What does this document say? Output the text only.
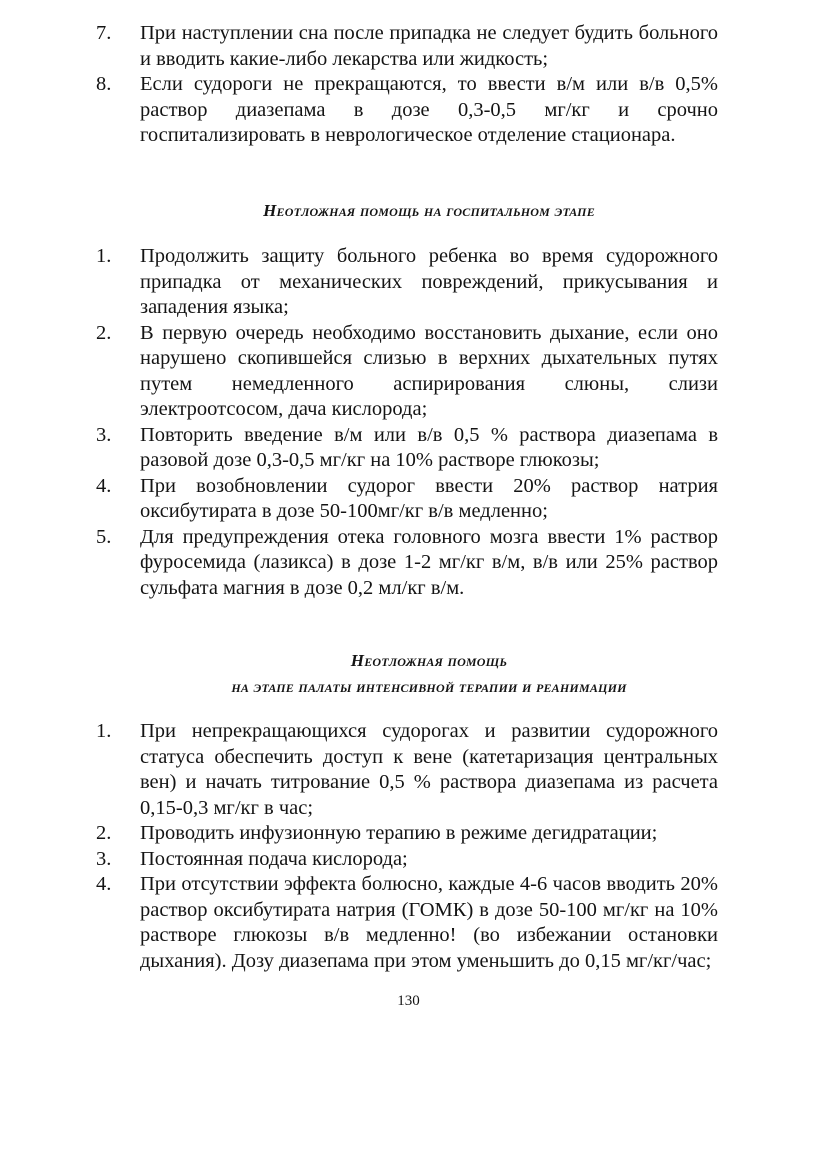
7.	При наступлении сна после припадка не следует будить больного и вводить какие-либо лекарства или жидкость;
8.	Если судороги не прекращаются, то ввести в/м или в/в 0,5% раствор диазепама в дозе 0,3-0,5 мг/кг и срочно госпитализировать в неврологическое отделение стационара.
Неотложная помощь на госпитальном этапе
1.	Продолжить защиту больного ребенка во время судорожного припадка от механических повреждений, прикусывания и западения языка;
2.	В первую очередь необходимо восстановить дыхание, если оно нарушено скопившейся слизью в верхних дыхательных путях путем немедленного аспирирования слюны, слизи электроотсосом, дача кислорода;
3.	Повторить введение в/м или в/в 0,5 % раствора диазепама в разовой дозе 0,3-0,5 мг/кг на 10% растворе глюкозы;
4.	При возобновлении судорог ввести 20% раствор натрия оксибутирата в дозе 50-100мг/кг в/в медленно;
5.	Для предупреждения отека головного мозга ввести 1% раствор фуросемида (лазикса) в дозе 1-2 мг/кг в/м, в/в или 25% раствор сульфата магния в дозе 0,2 мл/кг в/м.
Неотложная помощь
на этапе палаты интенсивной терапии и реанимации
1.	При непрекращающихся судорогах и развитии судорожного статуса обеспечить доступ к вене (катетаризация центральных вен) и начать титрование 0,5 % раствора диазепама из расчета 0,15-0,3 мг/кг в час;
2.	Проводить инфузионную терапию в режиме дегидратации;
3.	Постоянная подача кислорода;
4.	При отсутствии эффекта болюсно, каждые 4-6 часов вводить 20% раствор оксибутирата натрия (ГОМК) в дозе 50-100 мг/кг на 10% растворе глюкозы в/в медленно! (во избежании остановки дыхания). Дозу диазепама при этом уменьшить до 0,15 мг/кг/час;
130
